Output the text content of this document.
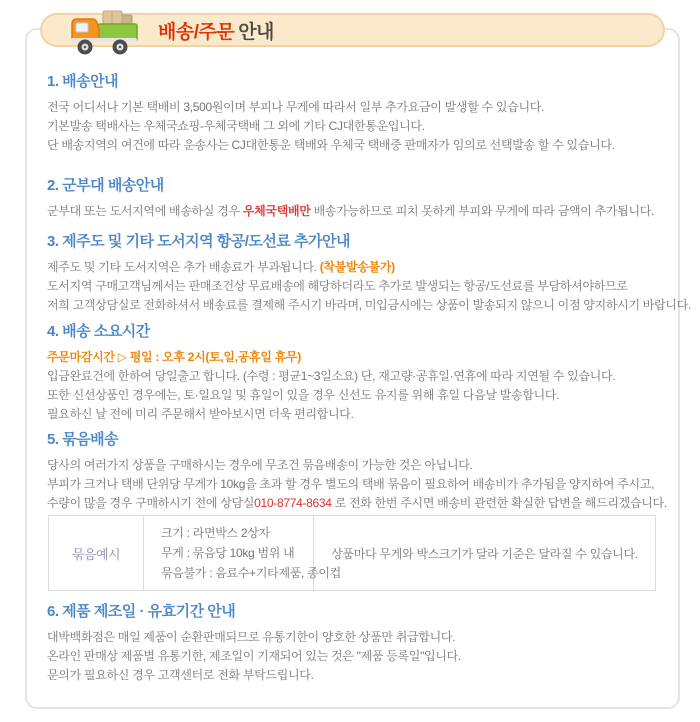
배송/주문 안내
1. 배송안내

전국 어디서나 기본 택배비 3,500원이며 부피나 무게에 따라서 일부 추가요금이 발생할 수 있습니다.

기본발송 택배사는 우체국쇼핑-우체국택배 그 외에 기타 CJ대한통운입니다.

단 배송지역의 여건에 따라 운송사는 CJ대한통운 택배와 우체국 택배중 판매자가 임의로 선택발송 할 수 있습니다.

2. 군부대 배송안내

군부대 또는 도서지역에 배송하실 경우 우체국택배만 배송가능하므로 피치 못하게 부피와 무게에 따라 금액이 추가됩니다.

3. 제주도 및 기타 도서지역 항공/도선료 추가안내

제주도 및 기타 도서지역은 추가 배송료가 부과됩니다. (착불발송불가)

도서지역 구매고객님께서는 판매조건상 무료배송에 해당하더라도 추가로 발생되는 항공/도선료를 부담하셔야하므로

저희 고객상담실로 전화하셔서 배송료를 결제해 주시기 바라며, 미입금시에는 상품이 발송되지 않으니 이점 양지하시기 바랍니다.

4. 배송 소요시간

주문마감시간 ▷ 평일 : 오후 2시(토,일,공휴일 휴무)

입금완료건에 한하여 당일출고 합니다. (수령 : 평균1~3일소요) 단, 재고량·공휴일·연휴에 따라 지연될 수 있습니다.

또한 신선상품인 경우에는, 토·일요일 및 휴일이 있을 경우 신선도 유지를 위해 휴일 다음날 발송합니다.

필요하신 날 전에 미리 주문해서 받아보시면 더욱 편리합니다.

5. 묶음배송

당사의 여러가지 상품을 구매하시는 경우에 무조건 묶음배송이 가능한 것은 아닙니다.

부피가 크거나 택배 단위당 무게가 10kg을 초과 할 경우 별도의 택배 묶음이 필요하여 배송비가 추가됨을 양지하여 주시고,

수량이 많을 경우 구매하시기 전에 상담실010-8774-8634 로 전화 한번 주시면 배송비 관련한 확실한 답변을 해드리겠습니다.

묶음예시
크기 : 라면박스 2상자
무게 : 묶음당 10kg 범위 내
묶음불가 : 음료수+기타제품, 종이컵
상품마다 무게와 박스크기가 달라 기준은 달라질 수 있습니다.
6. 제품 제조일 · 유효기간 안내

대박백화점은 매일 제품이 순환판매되므로 유통기한이 양호한 상품만 취급합니다.

온라인 판매상 제품별 유통기한, 제조일이 기재되어 있는 것은 "제품 등록일"입니다.

문의가 필요하신 경우 고객센터로 전화 부탁드립니다.
